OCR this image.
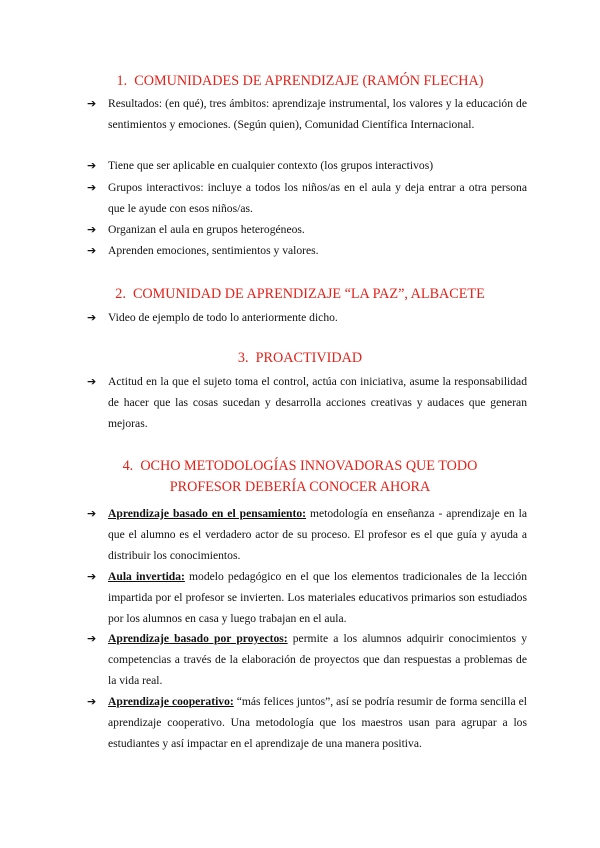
1. COMUNIDADES DE APRENDIZAJE (RAMÓN FLECHA)
➔	Resultados: (en qué), tres ámbitos: aprendizaje instrumental, los valores y la educación de sentimientos y emociones. (Según quien), Comunidad Científica Internacional.
➔	Tiene que ser aplicable en cualquier contexto (los grupos interactivos)
➔	Grupos interactivos: incluye a todos los niños/as en el aula y deja entrar a otra persona que le ayude con esos niños/as.
➔	Organizan el aula en grupos heterogéneos.
➔	Aprenden emociones, sentimientos y valores.
2. COMUNIDAD DE APRENDIZAJE “LA PAZ”, ALBACETE
➔	Video de ejemplo de todo lo anteriormente dicho.
3. PROACTIVIDAD
➔	Actitud en la que el sujeto toma el control, actúa con iniciativa, asume la responsabilidad de hacer que las cosas sucedan y desarrolla acciones creativas y audaces que generan mejoras.
4. OCHO METODOLOGÍAS INNOVADORAS QUE TODO PROFESOR DEBERÍA CONOCER AHORA
➔	Aprendizaje basado en el pensamiento: metodología en enseñanza - aprendizaje en la que el alumno es el verdadero actor de su proceso. El profesor es el que guía y ayuda a distribuir los conocimientos.
➔	Aula invertida: modelo pedagógico en el que los elementos tradicionales de la lección impartida por el profesor se invierten. Los materiales educativos primarios son estudiados por los alumnos en casa y luego trabajan en el aula.
➔	Aprendizaje basado por proyectos: permite a los alumnos adquirir conocimientos y competencias a través de la elaboración de proyectos que dan respuestas a problemas de la vida real.
➔	Aprendizaje cooperativo: “más felices juntos”, así se podría resumir de forma sencilla el aprendizaje cooperativo. Una metodología que los maestros usan para agrupar a los estudiantes y así impactar en el aprendizaje de una manera positiva.
